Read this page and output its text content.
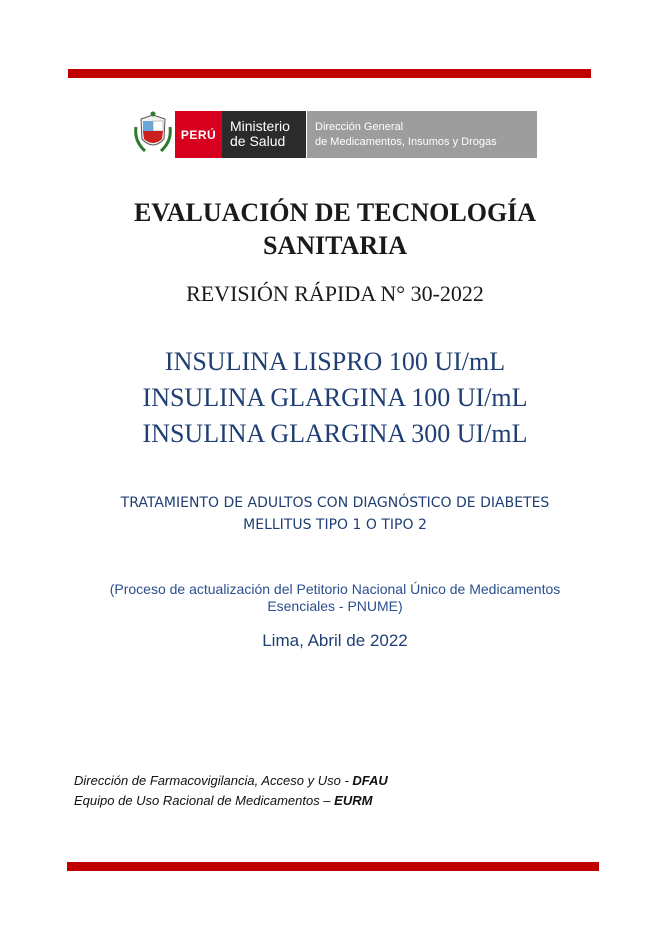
PERÚ
Ministerio
de Salud
Dirección General
de Medicamentos, Insumos y Drogas
EVALUACIÓN DE TECNOLOGÍA
SANITARIA
REVISIÓN RÁPIDA N° 30-2022
INSULINA LISPRO 100 UI/mL
INSULINA GLARGINA 100 UI/mL
INSULINA GLARGINA 300 UI/mL
TRATAMIENTO DE ADULTOS CON DIAGNÓSTICO DE DIABETES
MELLITUS TIPO 1 O TIPO 2
(Proceso de actualización del Petitorio Nacional Único de Medicamentos
Esenciales - PNUME)
Lima, Abril de 2022
Dirección de Farmacovigilancia, Acceso y Uso - DFAU
Equipo de Uso Racional de Medicamentos – EURM
